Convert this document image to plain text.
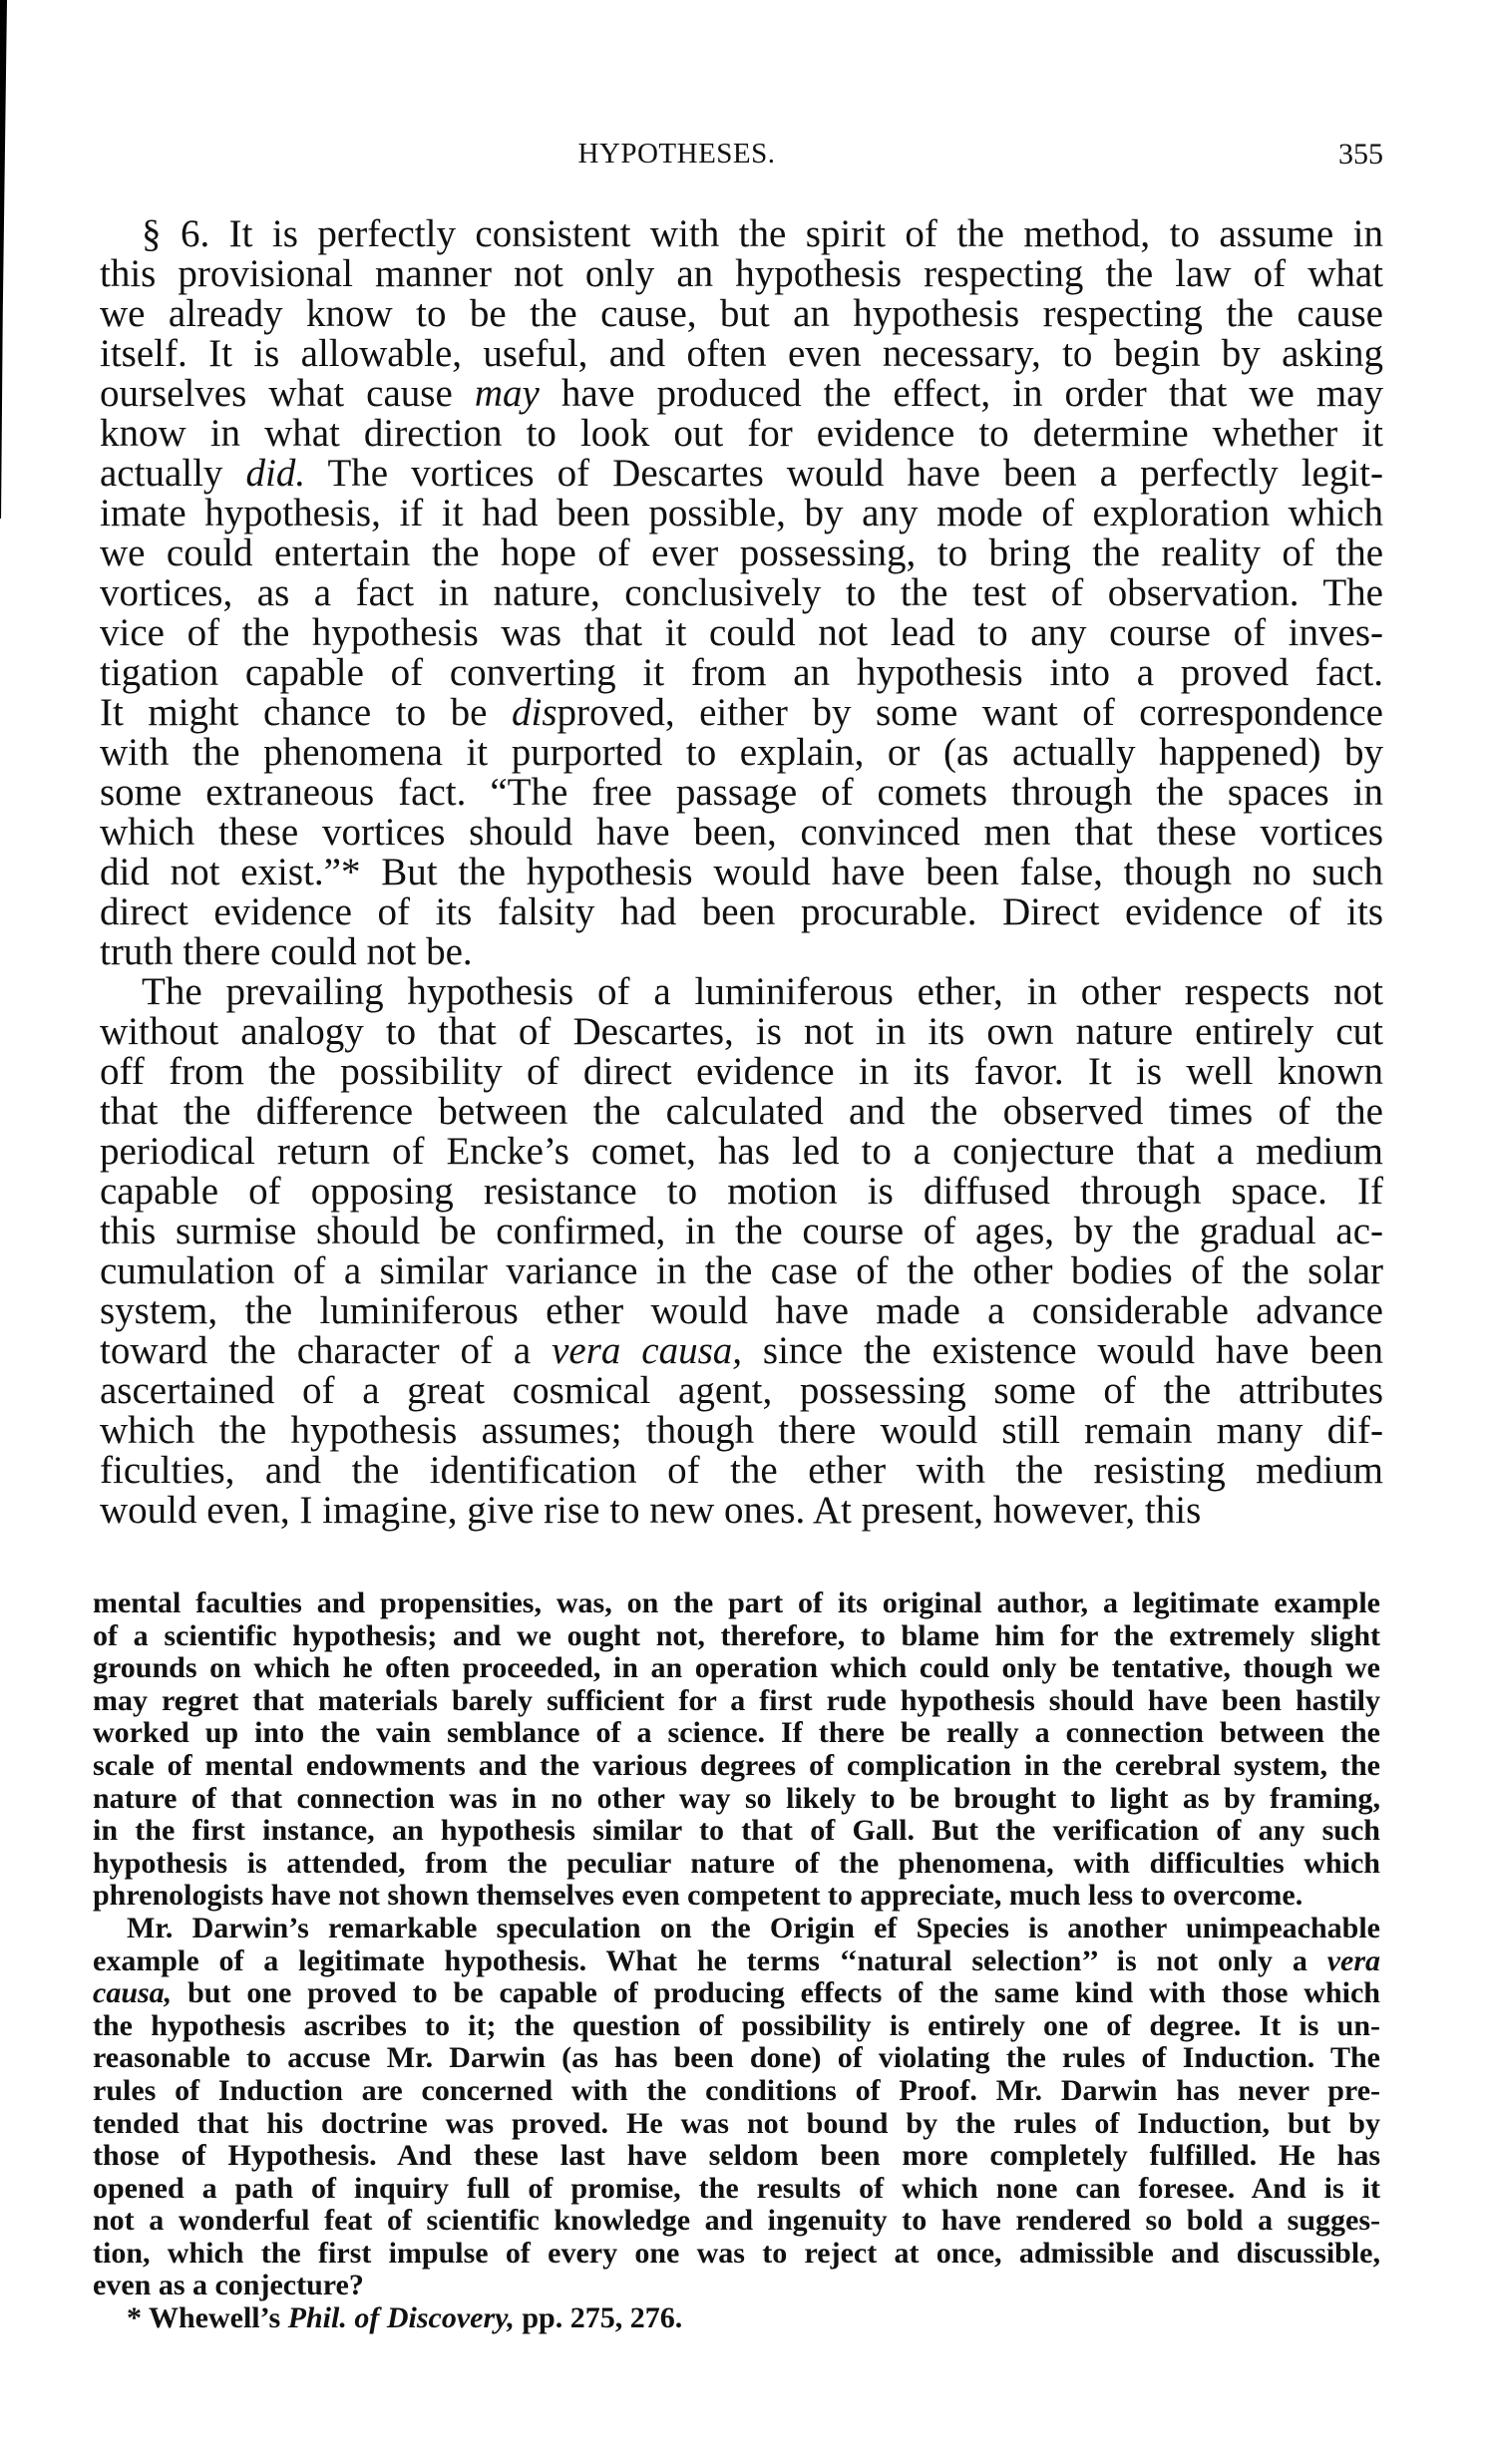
HYPOTHESES.	355
§ 6. It is perfectly consistent with the spirit of the method, to assume in
this provisional manner not only an hypothesis respecting the law of what
we already know to be the cause, but an hypothesis respecting the cause
itself. It is allowable, useful, and often even necessary, to begin by asking
ourselves what cause may have produced the effect, in order that we may
know in what direction to look out for evidence to determine whether it
actually did. The vortices of Descartes would have been a perfectly legit-
imate hypothesis, if it had been possible, by any mode of exploration which
we could entertain the hope of ever possessing, to bring the reality of the
vortices, as a fact in nature, conclusively to the test of observation. The
vice of the hypothesis was that it could not lead to any course of inves-
tigation capable of converting it from an hypothesis into a proved fact.
It might chance to be disproved, either by some want of correspondence
with the phenomena it purported to explain, or (as actually happened) by
some extraneous fact. “The free passage of comets through the spaces in
which these vortices should have been, convinced men that these vortices
did not exist.”* But the hypothesis would have been false, though no such
direct evidence of its falsity had been procurable. Direct evidence of its
truth there could not be.
The prevailing hypothesis of a luminiferous ether, in other respects not
without analogy to that of Descartes, is not in its own nature entirely cut
off from the possibility of direct evidence in its favor. It is well known
that the difference between the calculated and the observed times of the
periodical return of Encke’s comet, has led to a conjecture that a medium
capable of opposing resistance to motion is diffused through space. If
this surmise should be confirmed, in the course of ages, by the gradual ac-
cumulation of a similar variance in the case of the other bodies of the solar
system, the luminiferous ether would have made a considerable advance
toward the character of a vera causa, since the existence would have been
ascertained of a great cosmical agent, possessing some of the attributes
which the hypothesis assumes; though there would still remain many dif-
ficulties, and the identification of the ether with the resisting medium
would even, I imagine, give rise to new ones. At present, however, this
mental faculties and propensities, was, on the part of its original author, a legitimate example
of a scientific hypothesis; and we ought not, therefore, to blame him for the extremely slight
grounds on which he often proceeded, in an operation which could only be tentative, though we
may regret that materials barely sufficient for a first rude hypothesis should have been hastily
worked up into the vain semblance of a science. If there be really a connection between the
scale of mental endowments and the various degrees of complication in the cerebral system, the
nature of that connection was in no other way so likely to be brought to light as by framing,
in the first instance, an hypothesis similar to that of Gall. But the verification of any such
hypothesis is attended, from the peculiar nature of the phenomena, with difficulties which
phrenologists have not shown themselves even competent to appreciate, much less to overcome.
Mr. Darwin’s remarkable speculation on the Origin ef Species is another unimpeachable
example of a legitimate hypothesis. What he terms ‘‘natural selection’’ is not only a vera
causa, but one proved to be capable of producing effects of the same kind with those which
the hypothesis ascribes to it; the question of possibility is entirely one of degree. It is un-
reasonable to accuse Mr. Darwin (as has been done) of violating the rules of Induction. The
rules of Induction are concerned with the conditions of Proof. Mr. Darwin has never pre-
tended that his doctrine was proved. He was not bound by the rules of Induction, but by
those of Hypothesis. And these last have seldom been more completely fulfilled. He has
opened a path of inquiry full of promise, the results of which none can foresee. And is it
not a wonderful feat of scientific knowledge and ingenuity to have rendered so bold a sugges-
tion, which the first impulse of every one was to reject at once, admissible and discussible,
even as a conjecture?
* Whewell’s Phil. of Discovery, pp. 275, 276.
